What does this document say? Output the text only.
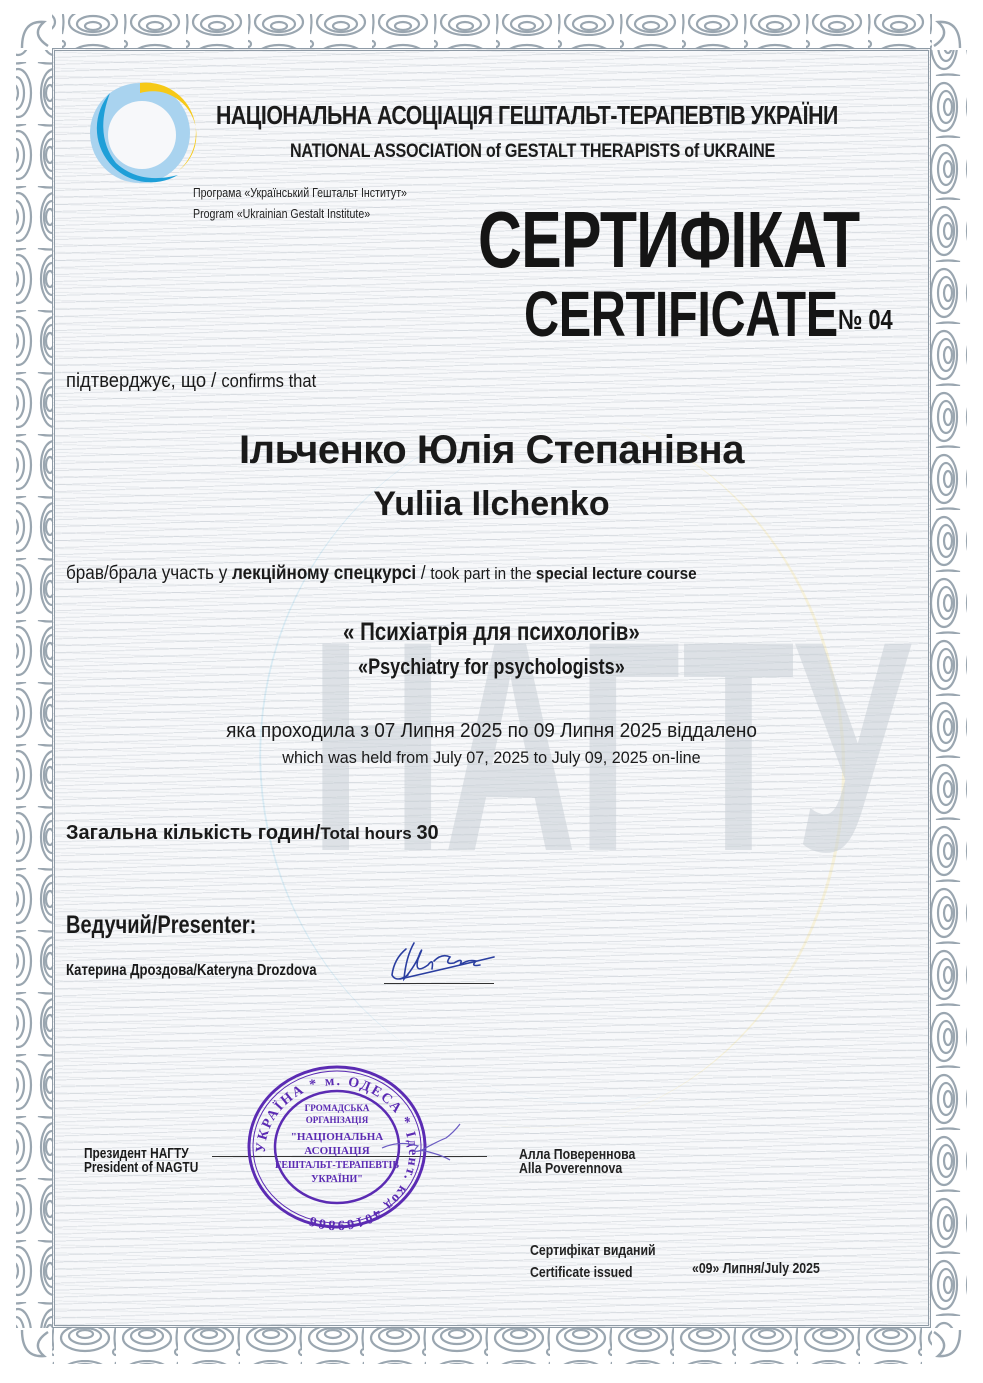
НАГТУ
НАЦІОНАЛЬНА АСОЦІАЦІЯ ГЕШТАЛЬТ-ТЕРАПЕВТІВ УКРАЇНИ
NATIONAL ASSOCIATION of GESTALT THERAPISTS of UKRAINE
Програма «Український Гештальт Інститут»
Program «Ukrainian Gestalt Institute» СЕРТИФІКАТ
CERTIFICATE № 04
підтверджує, що / confirms that
Ільченко Юлія Степанівна
Yuliia Ilchenko
брав/брала участь у лекційному спецкурсі / took part in the special lecture course
« Психіатрія для психологів»
«Psychiatry for psychologists»
яка проходила з 07 Липня 2025 по 09 Липня 2025 віддалено
which was held from July 07, 2025 to July 09, 2025 on-line
Загальна кількість годин/Total hours 30
Ведучий/Presenter:
Катерина Дроздова/Kateryna Drozdova
Президент НАГТУ
President of NAGTU
Алла Повереннова
Alla Poverennova
УКРАЇНА * м. ОДЕСА * Ідент. код 40169866
ГРОМАДСЬКА
ОРГАНІЗАЦІЯ
"НАЦІОНАЛЬНА
АСОЦІАЦІЯ
ГЕШТАЛЬТ-ТЕРАПЕВТІВ
УКРАЇНИ"
Сертифікат виданий
Certificate issued	«09» Липня/July 2025
